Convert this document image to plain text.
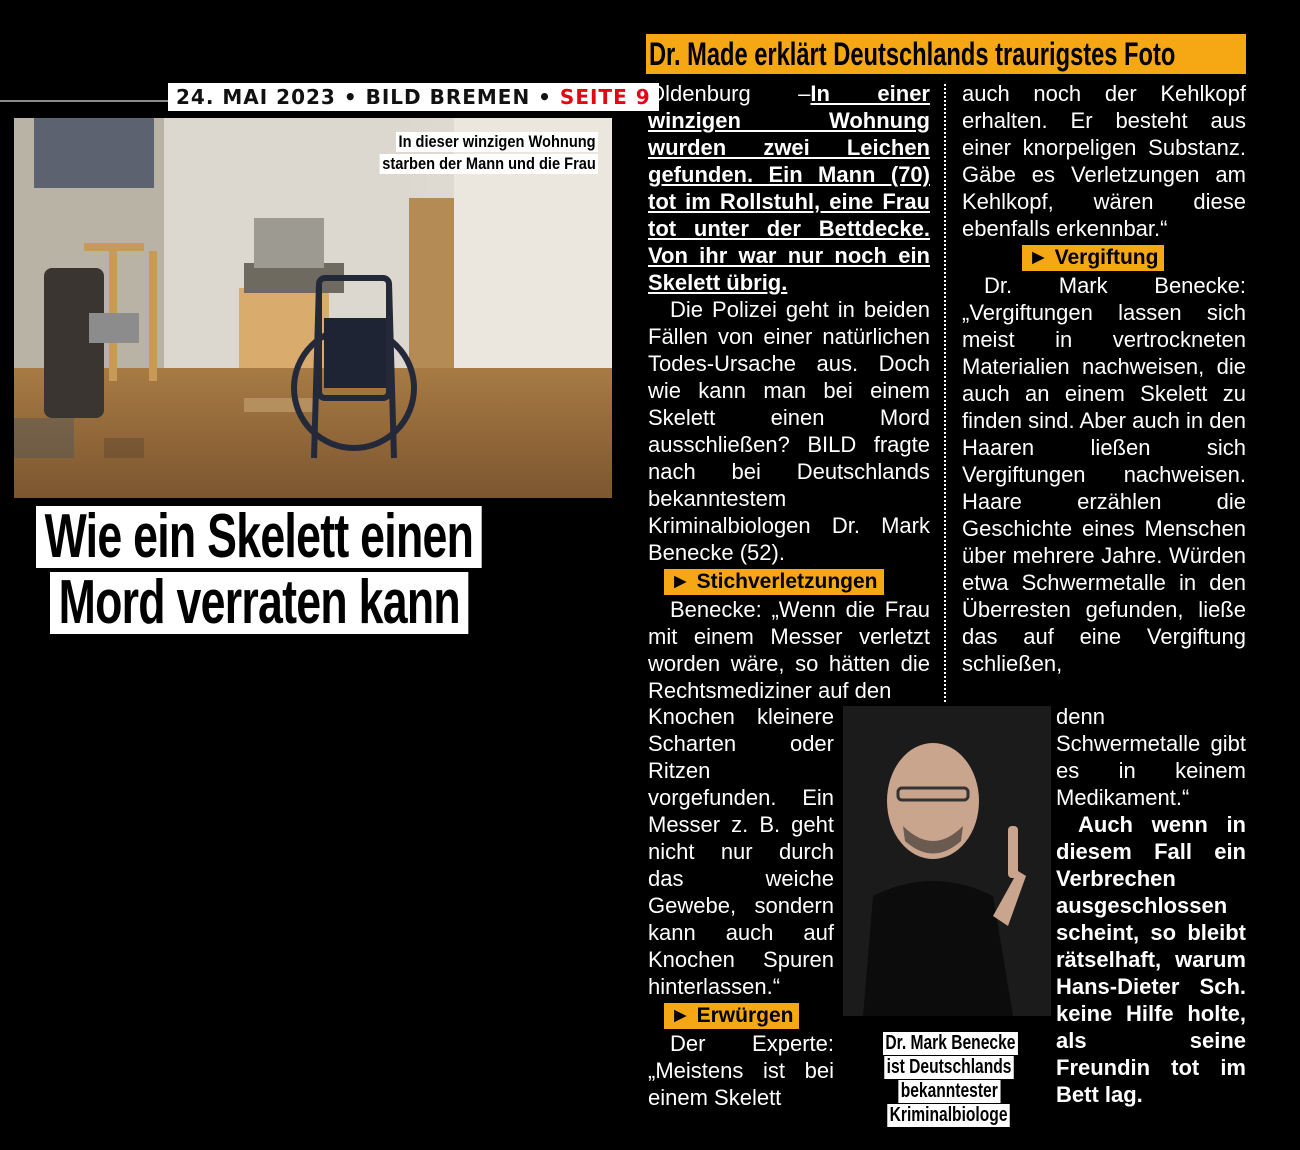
24. MAI 2023 • BILD BREMEN • SEITE 9
In dieser winzigen Wohnung
starben der Mann und die Frau
Wie ein Skelett einen
Mord verraten kann
Dr. Made erklärt Deutschlands traurigstes Foto

Oldenburg –In einer winzigen Wohnung wurden zwei Leichen gefunden. Ein Mann (70) tot im Rollstuhl, eine Frau tot unter der Bettdecke. Von ihr war nur noch ein Skelett übrig.

Die Polizei geht in beiden Fällen von einer natürlichen Todes-Ursache aus. Doch wie kann man bei einem Skelett einen Mord ausschließen? BILD fragte nach bei Deutschlands bekanntestem Kriminalbiologen Dr. Mark Benecke (52).

► Stichverletzungen

Benecke: „Wenn die Frau mit einem Messer verletzt worden wäre, so hätten die Rechtsmediziner auf den

auch noch der Kehlkopf erhalten. Er besteht aus einer knorpeligen Substanz. Gäbe es Verletzungen am Kehlkopf, wären diese ebenfalls erkennbar.“

► Vergiftung

Dr. Mark Benecke: „Vergiftungen lassen sich meist in vertrockneten Materialien nachweisen, die auch an einem Skelett zu finden sind. Aber auch in den Haaren ließen sich Vergiftungen nachweisen. Haare erzählen die Geschichte eines Menschen über mehrere Jahre. Würden etwa Schwermetalle in den Überresten gefunden, ließe das auf eine Vergiftung schließen,

Knochen kleinere Scharten oder Ritzen vorgefunden. Ein Messer z. B. geht nicht nur durch das weiche Gewebe, sondern kann auch auf Knochen Spuren hinterlassen.“

► Erwürgen

Der Experte: „Meistens ist bei einem Skelett

Dr. Mark Benecke
ist Deutschlands
bekanntester
Kriminalbiologe

denn Schwermetalle gibt es in keinem Medikament.“

Auch wenn in diesem Fall ein Verbrechen ausgeschlossen scheint, so bleibt rätselhaft, warum Hans-Dieter Sch. keine Hilfe holte, als seine Freundin tot im Bett lag.
